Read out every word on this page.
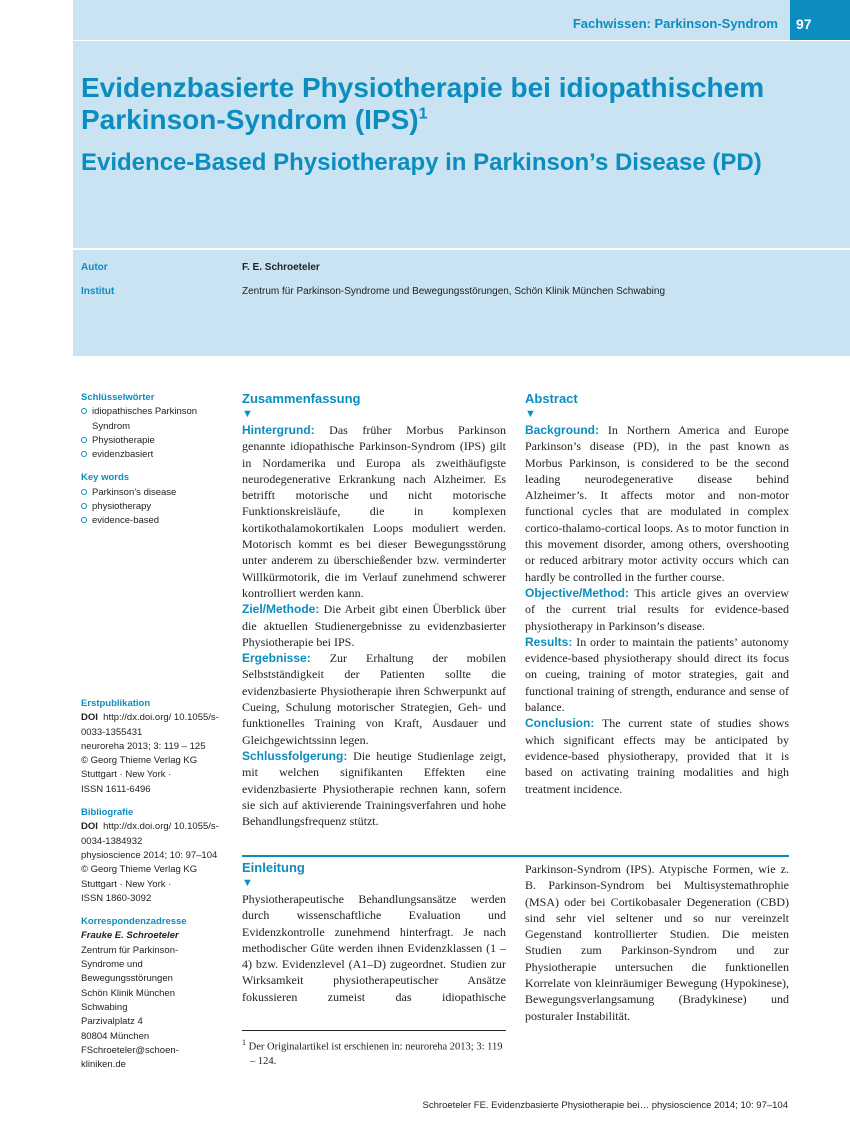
Fachwissen: Parkinson-Syndrom	97
Evidenzbasierte Physiotherapie bei idiopathischem Parkinson-Syndrom (IPS)$^1$
Evidence-Based Physiotherapy in Parkinson’s Disease (PD)
Autor	F. E. Schroeteler
Institut	Zentrum für Parkinson-Syndrome und Bewegungsstörungen, Schön Klinik München Schwabing
Schlüsselwörter
idiopathisches Parkinson Syndrom
Physiotherapie
evidenzbasiert
Key words
Parkinson’s disease
physiotherapy
evidence-based
Erstpublikation
DOI http://dx.doi.org/ 10.1055/s-0033-1355431
neuroreha 2013; 3: 119 – 125
© Georg Thieme Verlag KG
Stuttgart · New York ·
ISSN 1611-6496
Bibliografie
DOI http://dx.doi.org/ 10.1055/s-0034-1384932
physioscience 2014; 10: 97–104
© Georg Thieme Verlag KG
Stuttgart · New York ·
ISSN 1860-3092
Korrespondenzadresse
Frauke E. Schroeteler
Zentrum für Parkinson-
Syndrome und
Bewegungsstörungen
Schön Klinik München
Schwabing
Parzivalplatz 4
80804 München
FSchroeteler@schoen-
kliniken.de
Zusammenfassung
▼

Hintergrund: Das früher Morbus Parkinson genannte idiopathische Parkinson-Syndrom (IPS) gilt in Nordamerika und Europa als zweithäufigste neurodegenerative Erkrankung nach Alzheimer. Es betrifft motorische und nicht motorische Funktionskreisläufe, die in komplexen kortikothalamokortikalen Loops moduliert werden. Motorisch kommt es bei dieser Bewegungsstörung unter anderem zu überschießender bzw. verminderter Willkürmotorik, die im Verlauf zunehmend schwerer kontrolliert werden kann.

Ziel/Methode: Die Arbeit gibt einen Überblick über die aktuellen Studienergebnisse zu evidenzbasierter Physiotherapie bei IPS.

Ergebnisse: Zur Erhaltung der mobilen Selbstständigkeit der Patienten sollte die evidenzbasierte Physiotherapie ihren Schwerpunkt auf Cueing, Schulung motorischer Strategien, Geh- und funktionelles Training von Kraft, Ausdauer und Gleichgewichtssinn legen.

Schlussfolgerung: Die heutige Studienlage zeigt, mit welchen signifikanten Effekten eine evidenzbasierte Physiotherapie rechnen kann, sofern sie sich auf aktivierende Trainingsverfahren und hohe Behandlungsfrequenz stützt.

Abstract
▼

Background: In Northern America and Europe Parkinson’s disease (PD), in the past known as Morbus Parkinson, is considered to be the second leading neurodegenerative disease behind Alzheimer’s. It affects motor and non-motor functional cycles that are modulated in complex cortico-thalamo-cortical loops. As to motor function in this movement disorder, among others, overshooting or reduced arbitrary motor activity occurs which can hardly be controlled in the further course.

Objective/Method: This article gives an overview of the current trial results for evidence-based physiotherapy in Parkinson’s disease.

Results: In order to maintain the patients’ autonomy evidence-based physiotherapy should direct its focus on cueing, training of motor strategies, gait and functional training of strength, endurance and sense of balance.

Conclusion: The current state of studies shows which significant effects may be anticipated by evidence-based physiotherapy, provided that it is based on activating training modalities and high treatment incidence.

Einleitung
▼

Physiotherapeutische Behandlungsansätze werden durch wissenschaftliche Evaluation und Evidenzkontrolle zunehmend hinterfragt. Je nach methodischer Güte werden ihnen Evidenzklassen (1 – 4) bzw. Evidenzlevel (A1–D) zugeordnet. Studien zur Wirksamkeit physiotherapeutischer Ansätze fokussieren zumeist das idiopathische

Parkinson-Syndrom (IPS). Atypische Formen, wie z. B. Parkinson-Syndrom bei Multisystemathrophie (MSA) oder bei Cortikobasaler Degeneration (CBD) sind sehr viel seltener und so nur vereinzelt Gegenstand kontrollierter Studien. Die meisten Studien zum Parkinson-Syndrom und zur Physiotherapie untersuchen die funktionellen Korrelate von kleinräumiger Bewegung (Hypokinese), Bewegungsverlangsamung (Bradykinese) und posturaler Instabilität.

$^1$ Der Originalartikel ist erschienen in: neuroreha 2013; 3: 119 – 124.
Schroeteler FE. Evidenzbasierte Physiotherapie bei… physioscience 2014; 10: 97–104
